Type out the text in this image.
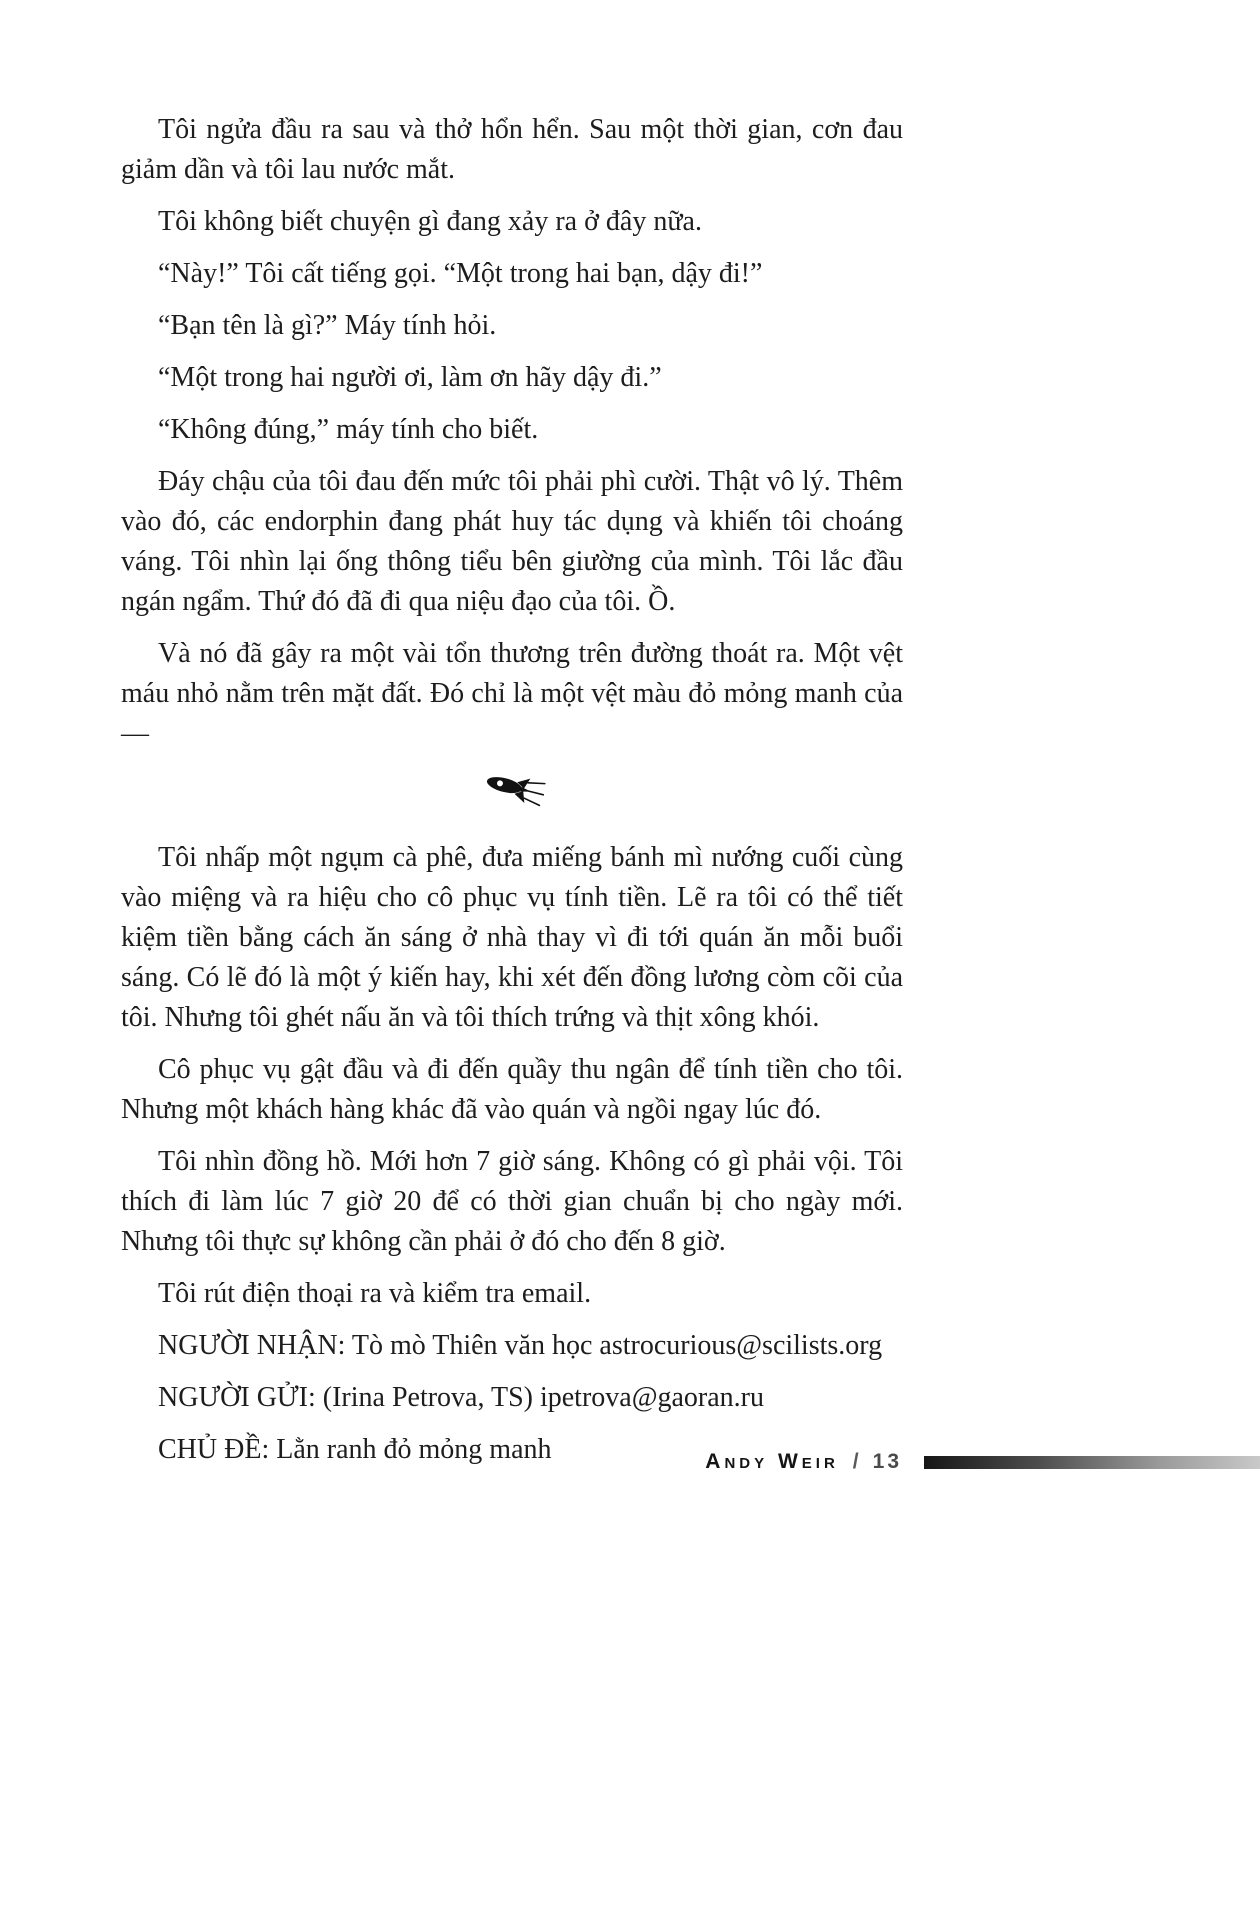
Tôi ngửa đầu ra sau và thở hổn hển. Sau một thời gian, cơn đau giảm dần và tôi lau nước mắt.

Tôi không biết chuyện gì đang xảy ra ở đây nữa.

“Này!” Tôi cất tiếng gọi. “Một trong hai bạn, dậy đi!”

“Bạn tên là gì?” Máy tính hỏi.

“Một trong hai người ơi, làm ơn hãy dậy đi.”

“Không đúng,” máy tính cho biết.

Đáy chậu của tôi đau đến mức tôi phải phì cười. Thật vô lý. Thêm vào đó, các endorphin đang phát huy tác dụng và khiến tôi choáng váng. Tôi nhìn lại ống thông tiểu bên giường của mình. Tôi lắc đầu ngán ngẩm. Thứ đó đã đi qua niệu đạo của tôi. Ồ.

Và nó đã gây ra một vài tổn thương trên đường thoát ra. Một vệt máu nhỏ nằm trên mặt đất. Đó chỉ là một vệt màu đỏ mỏng manh của—

Tôi nhấp một ngụm cà phê, đưa miếng bánh mì nướng cuối cùng vào miệng và ra hiệu cho cô phục vụ tính tiền. Lẽ ra tôi có thể tiết kiệm tiền bằng cách ăn sáng ở nhà thay vì đi tới quán ăn mỗi buổi sáng. Có lẽ đó là một ý kiến hay, khi xét đến đồng lương còm cõi của tôi. Nhưng tôi ghét nấu ăn và tôi thích trứng và thịt xông khói.

Cô phục vụ gật đầu và đi đến quầy thu ngân để tính tiền cho tôi. Nhưng một khách hàng khác đã vào quán và ngồi ngay lúc đó.

Tôi nhìn đồng hồ. Mới hơn 7 giờ sáng. Không có gì phải vội. Tôi thích đi làm lúc 7 giờ 20 để có thời gian chuẩn bị cho ngày mới. Nhưng tôi thực sự không cần phải ở đó cho đến 8 giờ.

Tôi rút điện thoại ra và kiểm tra email.

NGƯỜI NHẬN: Tò mò Thiên văn học astrocurious@scilists.org

NGƯỜI GỬI: (Irina Petrova, TS) ipetrova@gaoran.ru

CHỦ ĐỀ: Lằn ranh đỏ mỏng manh	Andy Weir / 13
